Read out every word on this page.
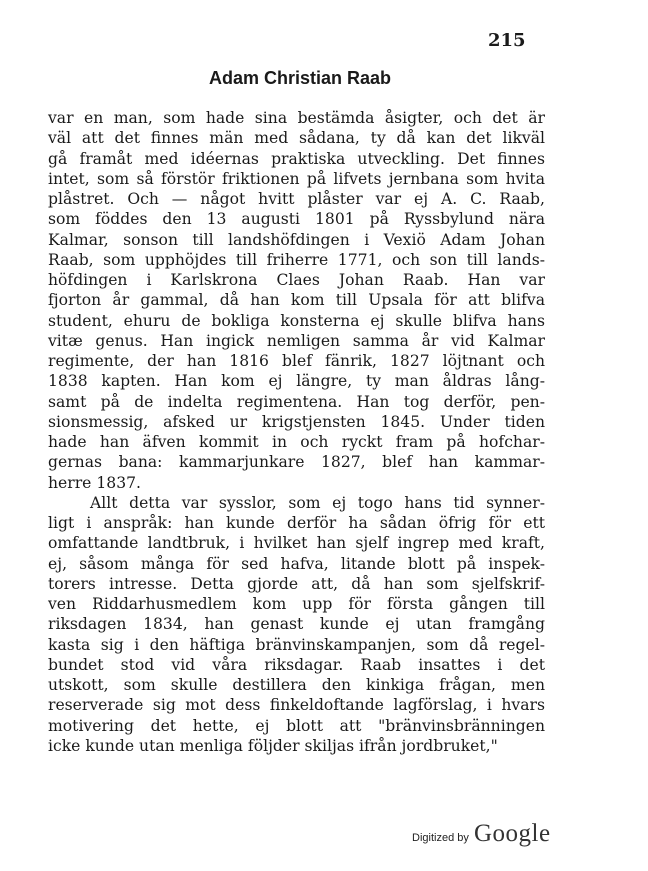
215
Adam Christian Raab
var en man, som hade sina bestämda åsigter, och det är
väl att det finnes män med sådana, ty då kan det likväl
gå framåt med idéernas praktiska utveckling. Det finnes
intet, som så förstör friktionen på lifvets jernbana som hvita
plåstret. Och — något hvitt plåster var ej A. C. Raab,
som föddes den 13 augusti 1801 på Ryssbylund nära
Kalmar, sonson till landshöfdingen i Vexiö Adam Johan
Raab, som upphöjdes till friherre 1771, och son till lands-
höfdingen i Karlskrona Claes Johan Raab. Han var
fjorton år gammal, då han kom till Upsala för att blifva
student, ehuru de bokliga konsterna ej skulle blifva hans
vitæ genus. Han ingick nemligen samma år vid Kalmar
regimente, der han 1816 blef fänrik, 1827 löjtnant och
1838 kapten. Han kom ej längre, ty man åldras lång-
samt på de indelta regimentena. Han tog derför, pen-
sionsmessig, afsked ur krigstjensten 1845. Under tiden
hade han äfven kommit in och ryckt fram på hofchar-
gernas bana: kammarjunkare 1827, blef han kammar-
herre 1837.
Allt detta var sysslor, som ej togo hans tid synner-
ligt i anspråk: han kunde derför ha sådan öfrig för ett
omfattande landtbruk, i hvilket han sjelf ingrep med kraft,
ej, såsom många för sed hafva, litande blott på inspek-
torers intresse. Detta gjorde att, då han som sjelfskrif-
ven Riddarhusmedlem kom upp för första gången till
riksdagen 1834, han genast kunde ej utan framgång
kasta sig i den häftiga bränvinskampanjen, som då regel-
bundet stod vid våra riksdagar. Raab insattes i det
utskott, som skulle destillera den kinkiga frågan, men
reserverade sig mot dess finkeldoftande lagförslag, i hvars
motivering det hette, ej blott att "bränvinsbränningen
icke kunde utan menliga följder skiljas ifrån jordbruket,"
Digitized by Google
